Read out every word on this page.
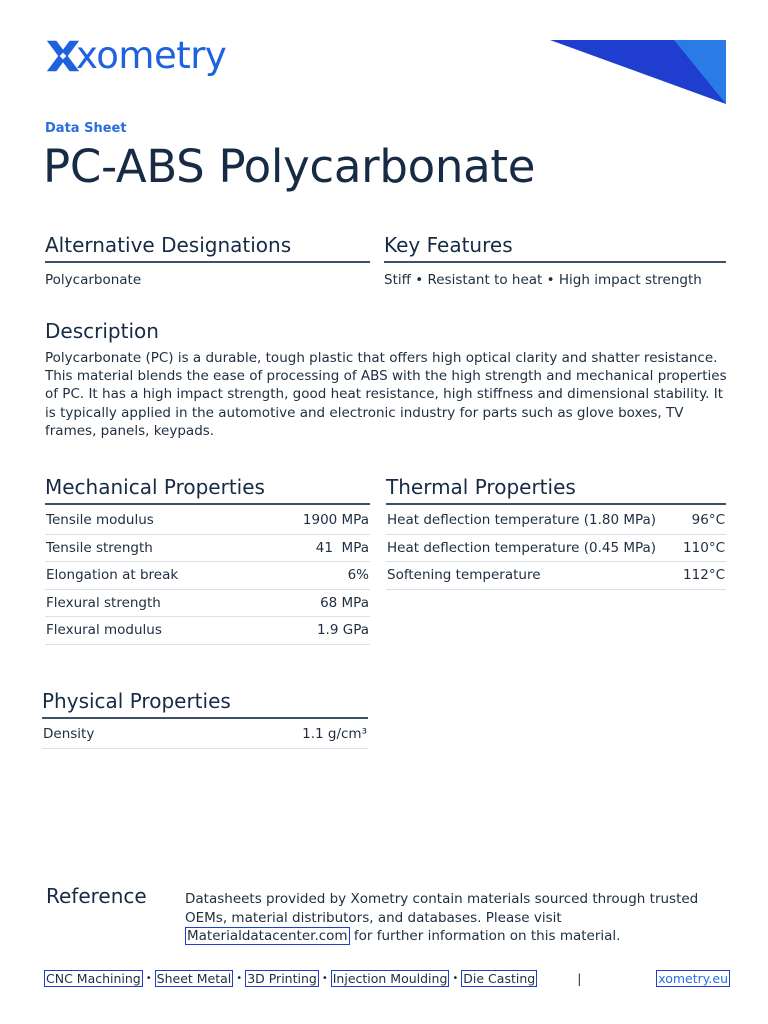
xometry
Data Sheet
PC-ABS Polycarbonate
Alternative Designations
Polycarbonate
Key Features
Stiff • Resistant to heat • High impact strength
Description
Polycarbonate (PC) is a durable, tough plastic that offers high optical clarity and shatter resistance. This material blends the ease of processing of ABS with the high strength and mechanical properties of PC. It has a high impact strength, good heat resistance, high stiffness and dimensional stability. It is typically applied in the automotive and electronic industry for parts such as glove boxes, TV frames, panels, keypads.
Mechanical Properties
Tensile modulus	1900 MPa
Tensile strength	41  MPa
Elongation at break	6%
Flexural strength	68 MPa
Flexural modulus	1.9 GPa
Thermal Properties
Heat deflection temperature (1.80 MPa)	96°C
Heat deflection temperature (0.45 MPa)	110°C
Softening temperature	112°C
Physical Properties
Density	1.1 g/cm³
Reference	Datasheets provided by Xometry contain materials sourced through trusted OEMs, material distributors, and databases. Please visit Materialdatacenter.com for further information on this material.
CNC Machining • Sheet Metal • 3D Printing • Injection Moulding • Die Casting	|	xometry.eu
